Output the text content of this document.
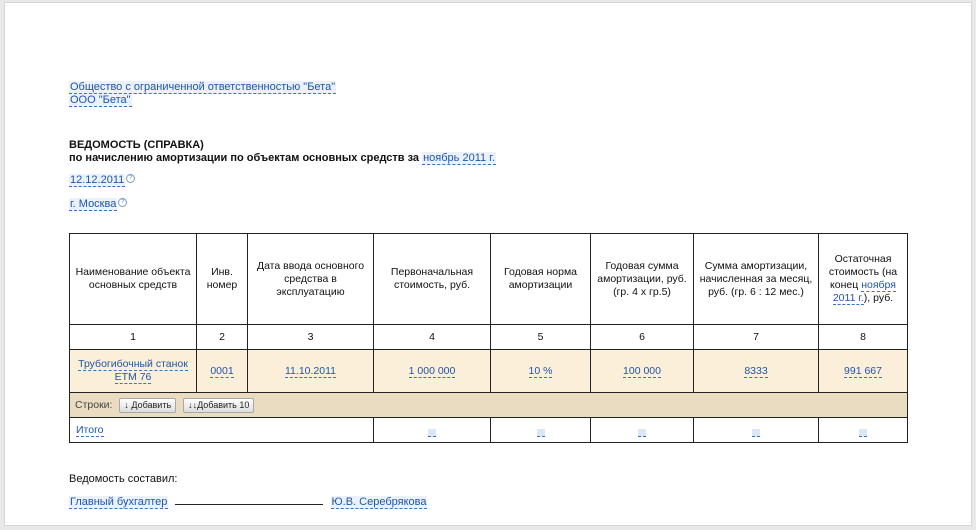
Общество с ограниченной ответственностью "Бета"
ООО "Бета"
ВЕДОМОСТЬ (СПРАВКА)
по начислению амортизации по объектам основных средств за ноябрь 2011 г.
12.12.2011 ?
г. Москва ?
Наименование объекта основных средств	Инв. номер	Дата ввода основного средства в эксплуатацию	Первоначальная стоимость, руб.	Годовая норма амортизации	Годовая сумма амортизации, руб. (гр. 4 х гр.5)	Сумма амортизации, начисленная за месяц, руб. (гр. 6 : 12 мес.)	Остаточная стоимость (на конец ноября 2011 г.), руб.
1	2	3	4	5	6	7	8
Трубогибочный станок ЕТМ 76	0001	11.10.2011	1 000 000	10 %	100 000	8333	991 667
Строки: ↓ Добавить ↓↓Добавить 10							
Итого							
Ведомость составил:
Главный бухгалтер	Ю.В. Серебрякова
